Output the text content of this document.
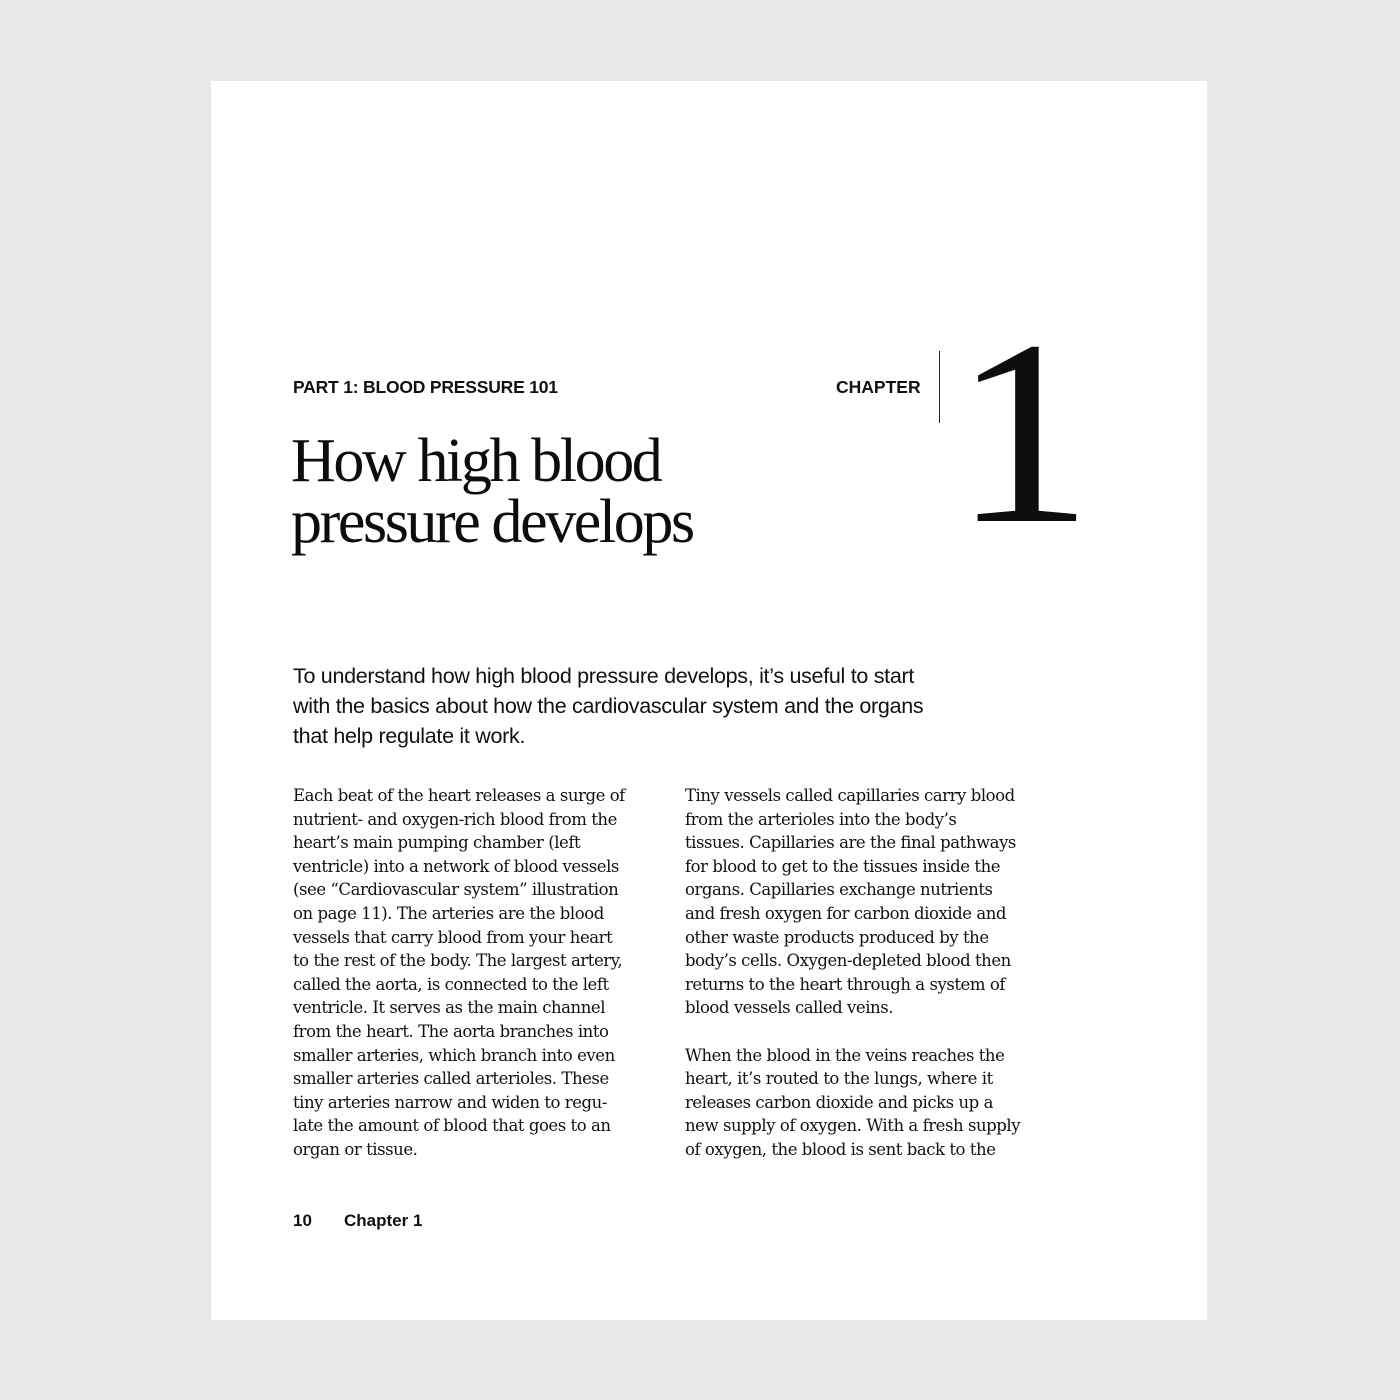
PART 1: BLOOD PRESSURE 101	CHAPTER 1
How high blood
pressure develops

To understand how high blood pressure develops, it’s useful to start
with the basics about how the cardiovascular system and the organs
that help regulate it work.

Each beat of the heart releases a surge of
nutrient- and oxygen-rich blood from the
heart’s main pumping chamber (left
ventricle) into a network of blood vessels
(see “Cardiovascular system” illustration
on page 11). The arteries are the blood
vessels that carry blood from your heart
to the rest of the body. The largest artery,
called the aorta, is connected to the left
ventricle. It serves as the main channel
from the heart. The aorta branches into
smaller arteries, which branch into even
smaller arteries called arterioles. These
tiny arteries narrow and widen to regu-
late the amount of blood that goes to an
organ or tissue.

Tiny vessels called capillaries carry blood
from the arterioles into the body’s
tissues. Capillaries are the final pathways
for blood to get to the tissues inside the
organs. Capillaries exchange nutrients
and fresh oxygen for carbon dioxide and
other waste products produced by the
body’s cells. Oxygen-depleted blood then
returns to the heart through a system of
blood vessels called veins.

When the blood in the veins reaches the
heart, it’s routed to the lungs, where it
releases carbon dioxide and picks up a
new supply of oxygen. With a fresh supply
of oxygen, the blood is sent back to the

10 Chapter 1
